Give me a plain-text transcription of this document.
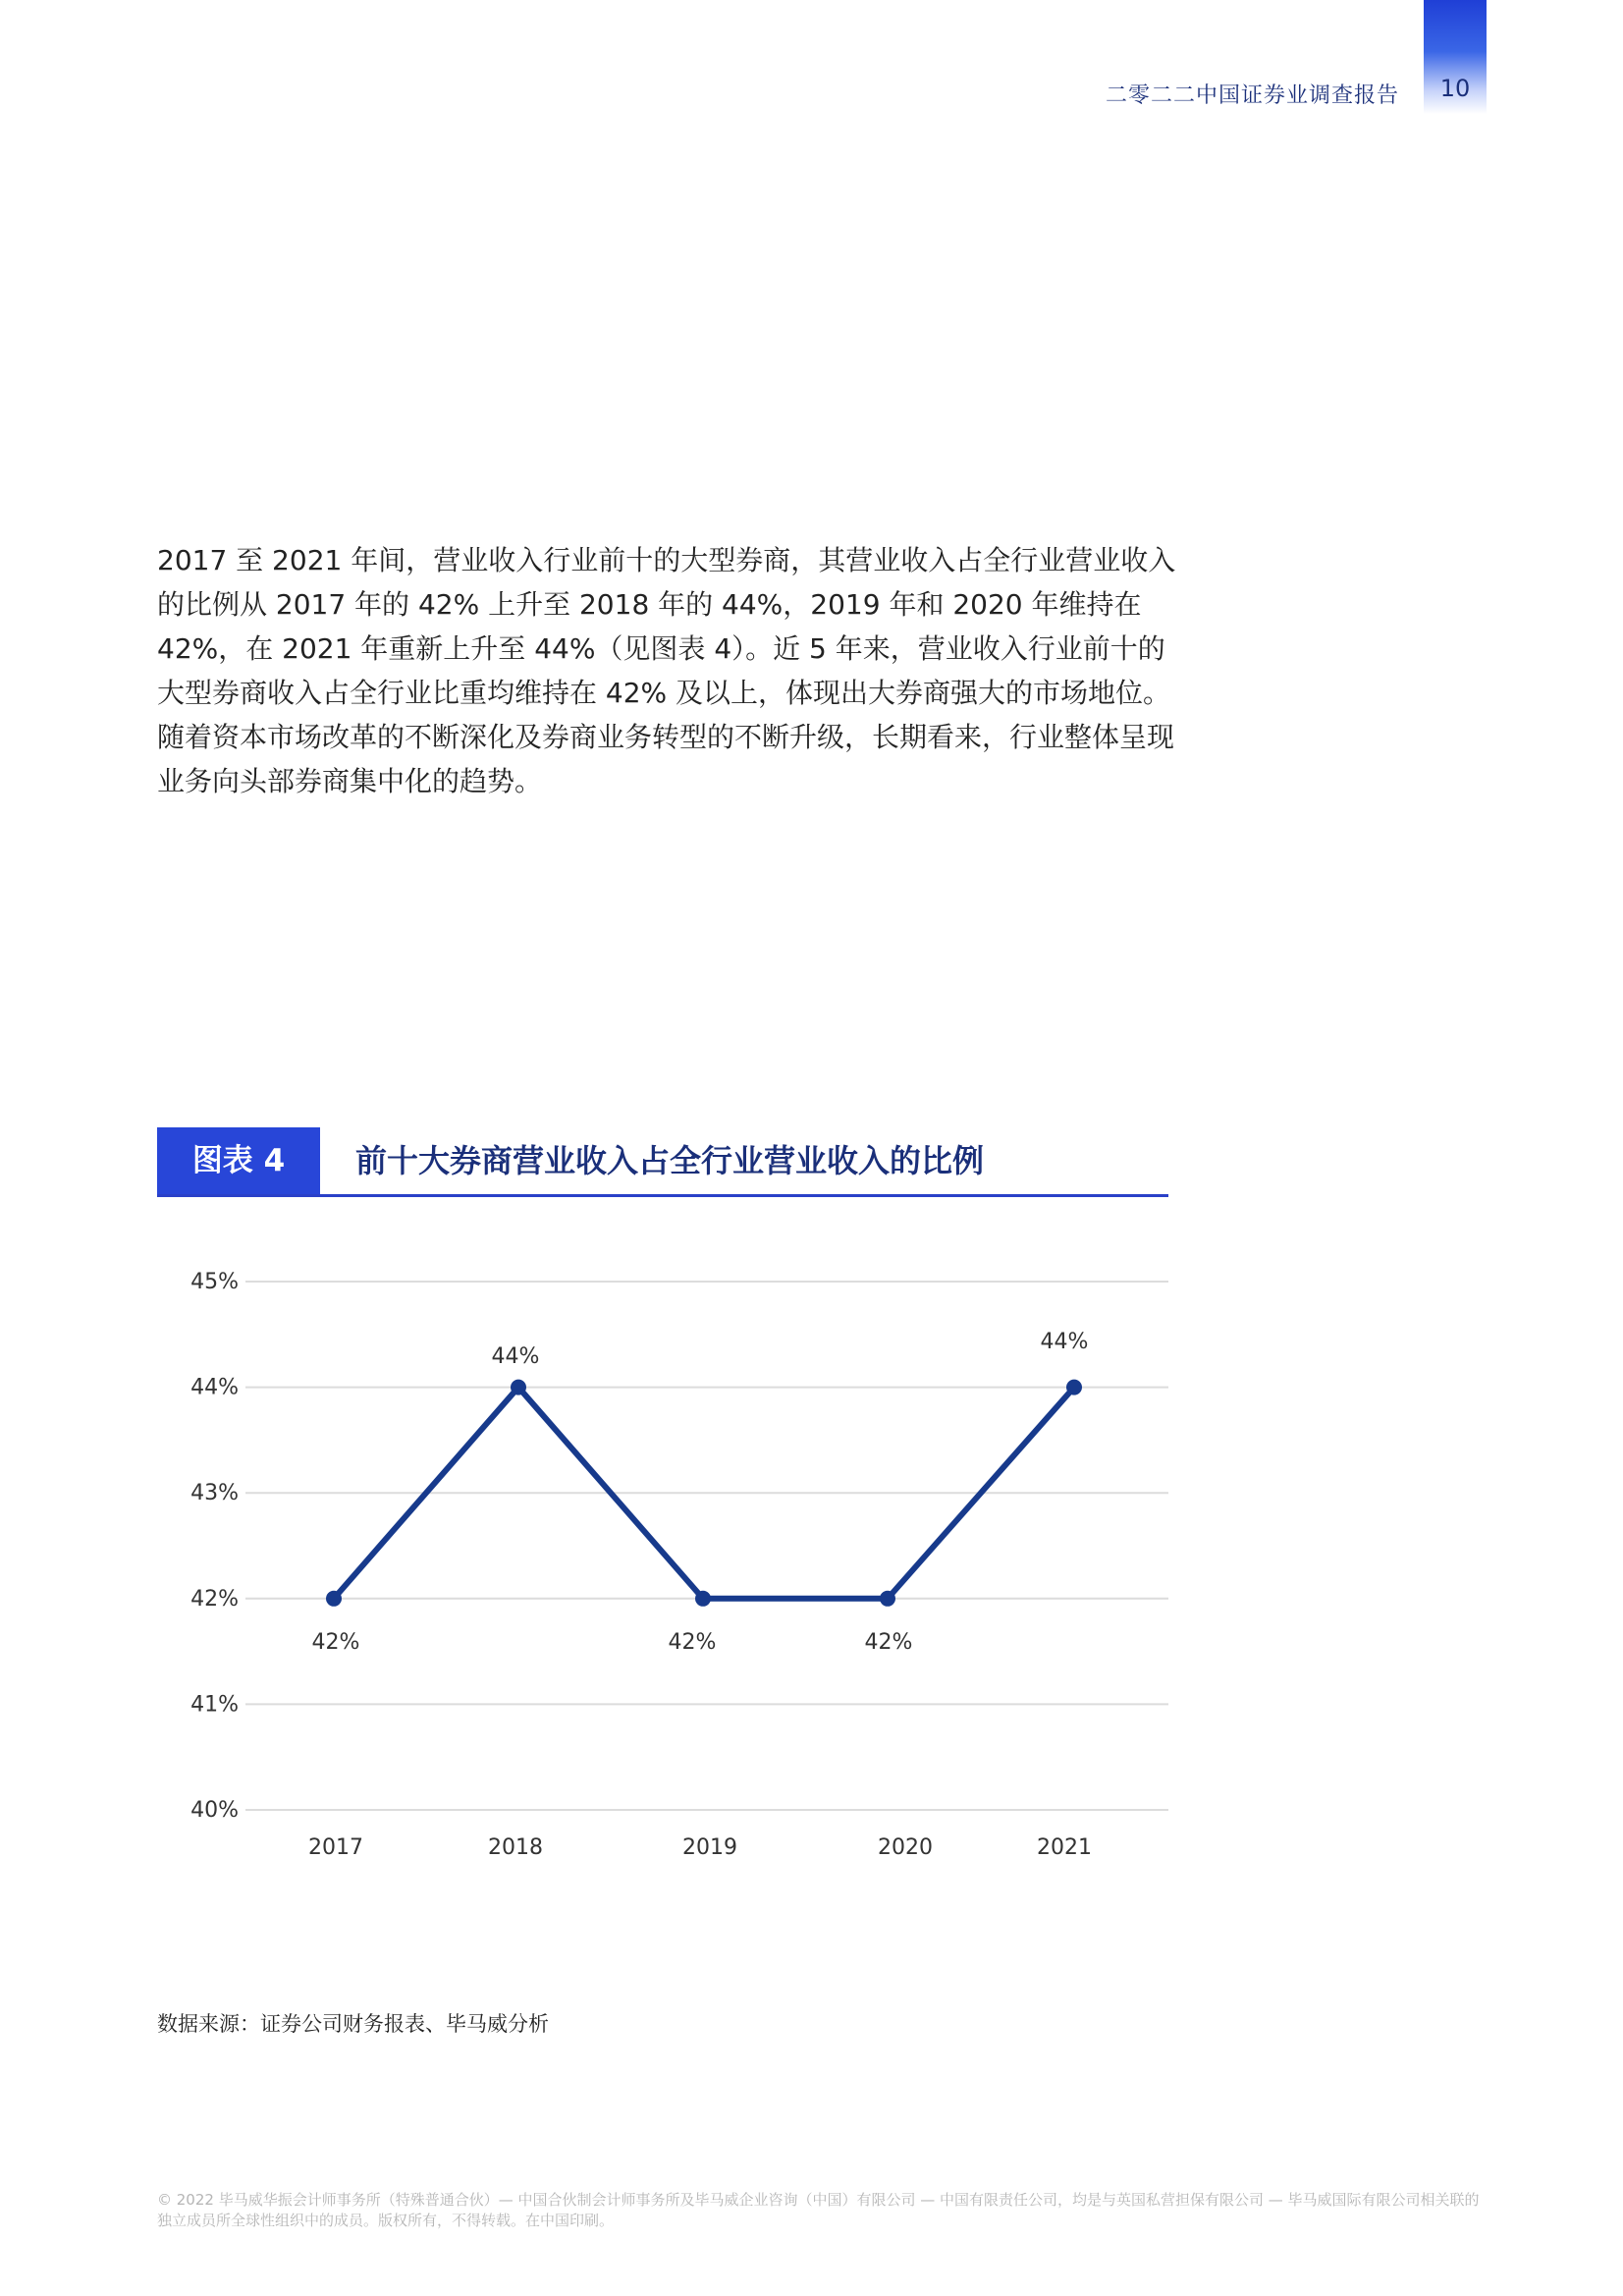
二零二二中国证券业调查报告	10

2017 至 2021 年间，营业收入行业前十的大型券商，其营业收入占全行业营业收入的比例从 2017 年的 42% 上升至 2018 年的 44%，2019 年和 2020 年维持在 42%，在 2021 年重新上升至 44%（见图表 4）。近 5 年来，营业收入行业前十的大型券商收入占全行业比重均维持在 42% 及以上，体现出大券商强大的市场地位。随着资本市场改革的不断深化及券商业务转型的不断升级，长期看来，行业整体呈现业务向头部券商集中化的趋势。

图表 4	前十大券商营业收入占全行业营业收入的比例
40%
41%
42%
43%
44%
45%
2017	2018	2019	2020	2021
42%
44%
42%	42%
44%
数据来源：证券公司财务报表、毕马威分析

© 2022 毕马威华振会计师事务所（特殊普通合伙）— 中国合伙制会计师事务所及毕马威企业咨询（中国）有限公司 — 中国有限责任公司，均是与英国私营担保有限公司 — 毕马威国际有限公司相关联的独立成员所全球性组织中的成员。版权所有，不得转载。在中国印刷。
